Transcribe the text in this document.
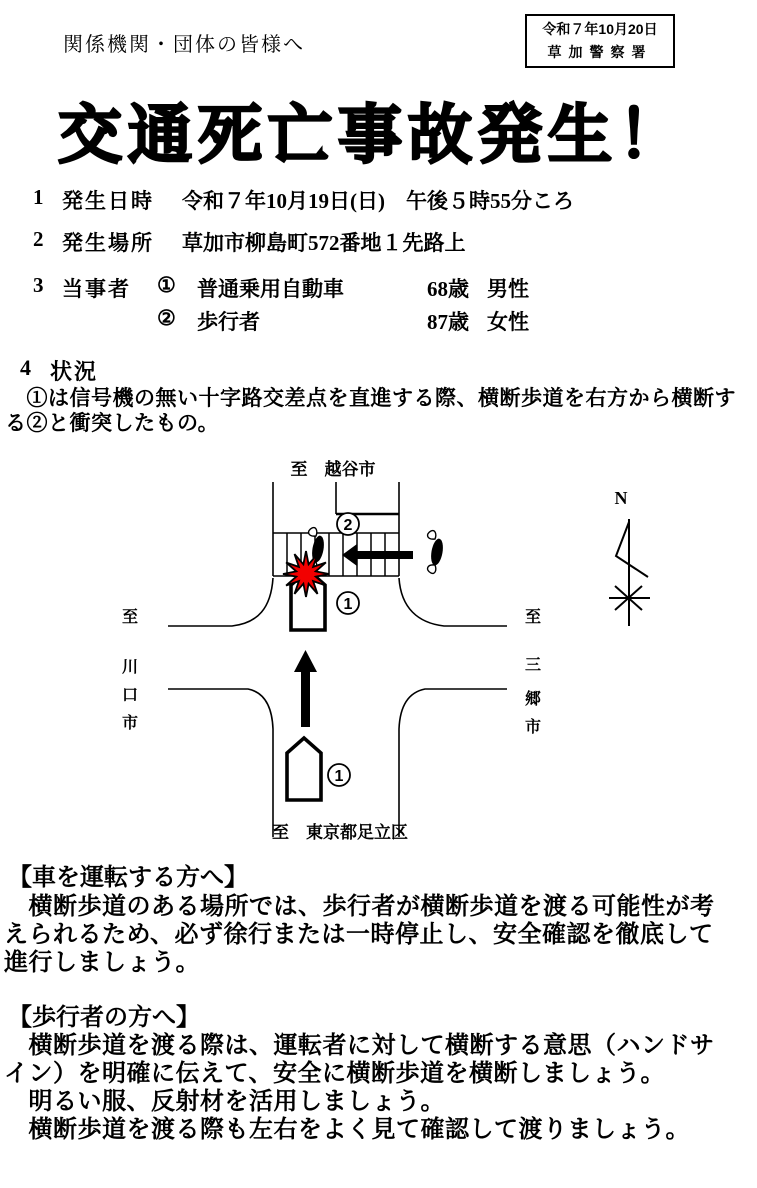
関係機関・団体の皆様へ
令和７年10月20日
草加警察署
交通死亡事故発生！
1 発生日時 令和７年10月19日(日)　午後５時55分ころ
2 発生場所 草加市柳島町572番地１先路上
3 当事者 ① 普通乗用自動車	68歳 男性
② 歩行者	87歳 女性
4 状況
　①は信号機の無い十字路交差点を直進する際、横断歩道を右方から横断す
る②と衝突したもの。
2
1
1
至　越谷市
至　東京都足立区
至
川
口
市
至
三
郷
市
N
【車を運転する方へ】
　横断歩道のある場所では、歩行者が横断歩道を渡る可能性が考
えられるため、必ず徐行または一時停止し、安全確認を徹底して
進行しましょう。
【歩行者の方へ】
　横断歩道を渡る際は、運転者に対して横断する意思（ハンドサ
イン）を明確に伝えて、安全に横断歩道を横断しましょう。
　明るい服、反射材を活用しましょう。
　横断歩道を渡る際も左右をよく見て確認して渡りましょう。
